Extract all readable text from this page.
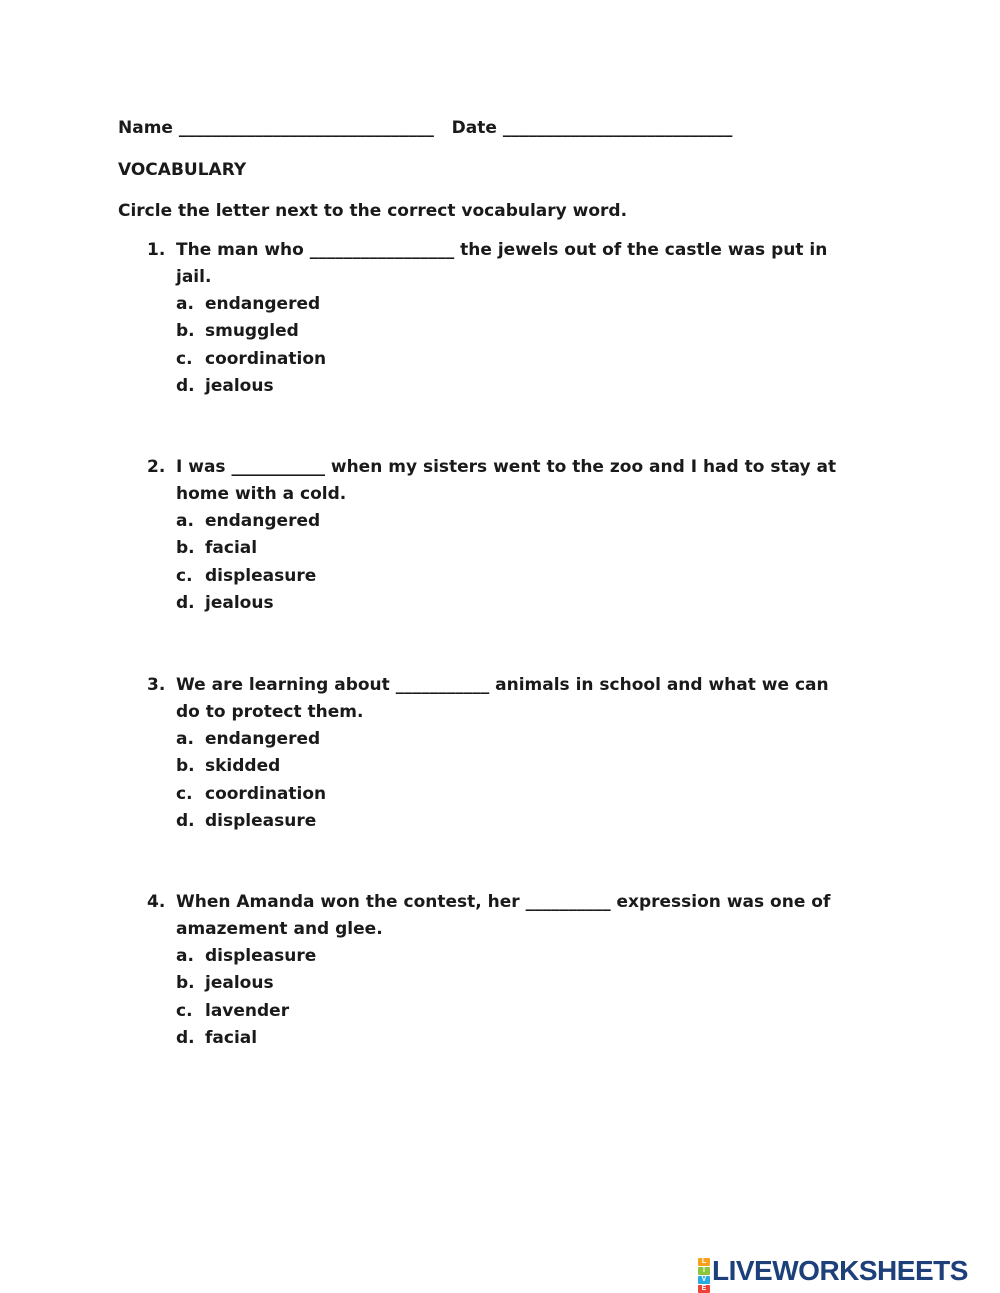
Name ______________________________ Date ___________________________
VOCABULARY
Circle the letter next to the correct vocabulary word.
1. The man who _________________ the jewels out of the castle was put in
jail.
a. endangered
b. smuggled
c. coordination
d. jealous
2. I was ___________ when my sisters went to the zoo and I had to stay at
home with a cold.
a. endangered
b. facial
c. displeasure
d. jealous
3. We are learning about ___________ animals in school and what we can
do to protect them.
a. endangered
b. skidded
c. coordination
d. displeasure
4. When Amanda won the contest, her __________ expression was one of
amazement and glee.
a. displeasure
b. jealous
c. lavender
d. facial
L
I
V
E
LIVEWORKSHEETS
